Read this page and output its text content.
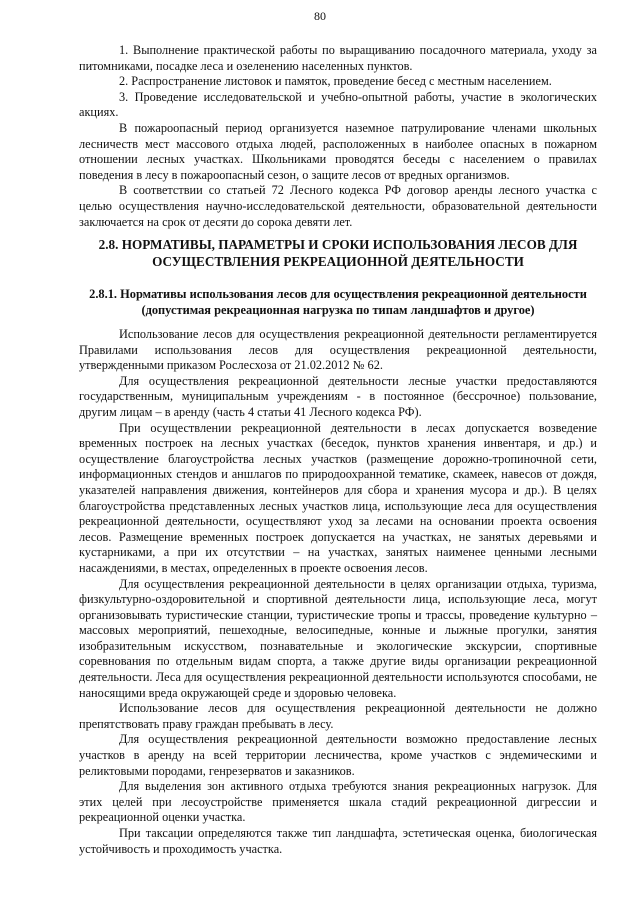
80

1. Выполнение практической работы по выращиванию посадочного материала, уходу за питомниками, посадке леса и озеленению населенных пунктов.

2. Распространение листовок и памяток, проведение бесед с местным населением.

3. Проведение исследовательской и учебно-опытной работы, участие в экологических акциях.

В пожароопасный период организуется наземное патрулирование членами школьных лесничеств мест массового отдыха людей, расположенных в наиболее опасных в пожарном отношении лесных участках. Школьниками проводятся беседы с населением о правилах поведения в лесу в пожароопасный сезон, о защите лесов от вредных организмов.

В соответствии со статьей 72 Лесного кодекса РФ договор аренды лесного участка с целью осуществления научно-исследовательской деятельности, образовательной деятельности заключается на срок от десяти до сорока девяти лет.

2.8. НОРМАТИВЫ, ПАРАМЕТРЫ И СРОКИ ИСПОЛЬЗОВАНИЯ ЛЕСОВ ДЛЯ ОСУЩЕСТВЛЕНИЯ РЕКРЕАЦИОННОЙ ДЕЯТЕЛЬНОСТИ
2.8.1. Нормативы использования лесов для осуществления рекреационной деятельности (допустимая рекреационная нагрузка по типам ландшафтов и другое)

Использование лесов для осуществления рекреационной деятельности регламентируется Правилами использования лесов для осуществления рекреационной деятельности, утвержденными приказом Рослесхоза от 21.02.2012 № 62.

Для осуществления рекреационной деятельности лесные участки предоставляются государственным, муниципальным учреждениям - в постоянное (бессрочное) пользование, другим лицам – в аренду (часть 4 статьи 41 Лесного кодекса РФ).

При осуществлении рекреационной деятельности в лесах допускается возведение временных построек на лесных участках (беседок, пунктов хранения инвентаря, и др.) и осуществление благоустройства лесных участков (размещение дорожно-тропиночной сети, информационных стендов и аншлагов по природоохранной тематике, скамеек, навесов от дождя, указателей направления движения, контейнеров для сбора и хранения мусора и др.). В целях благоустройства представленных лесных участков лица, использующие леса для осуществления рекреационной деятельности, осуществляют уход за лесами на основании проекта освоения лесов. Размещение временных построек допускается на участках, не занятых деревьями и кустарниками, а при их отсутствии – на участках, занятых наименее ценными лесными насаждениями, в местах, определенных в проекте освоения лесов.

Для осуществления рекреационной деятельности в целях организации отдыха, туризма, физкультурно-оздоровительной и спортивной деятельности лица, использующие леса, могут организовывать туристические станции, туристические тропы и трассы, проведение культурно – массовых мероприятий, пешеходные, велосипедные, конные и лыжные прогулки, занятия изобразительным искусством, познавательные и экологические экскурсии, спортивные соревнования по отдельным видам спорта, а также другие виды организации рекреационной деятельности. Леса для осуществления рекреационной деятельности используются способами, не наносящими вреда окружающей среде и здоровью человека.

Использование лесов для осуществления рекреационной деятельности не должно препятствовать праву граждан пребывать в лесу.

Для осуществления рекреационной деятельности возможно предоставление лесных участков в аренду на всей территории лесничества, кроме участков с эндемическими и реликтовыми породами, генрезерватов и заказников.

Для выделения зон активного отдыха требуются знания рекреационных нагрузок. Для этих целей при лесоустройстве применяется шкала стадий рекреационной дигрессии и рекреационной оценки участка.

При таксации определяются также тип ландшафта, эстетическая оценка, биологическая устойчивость и проходимость участка.
